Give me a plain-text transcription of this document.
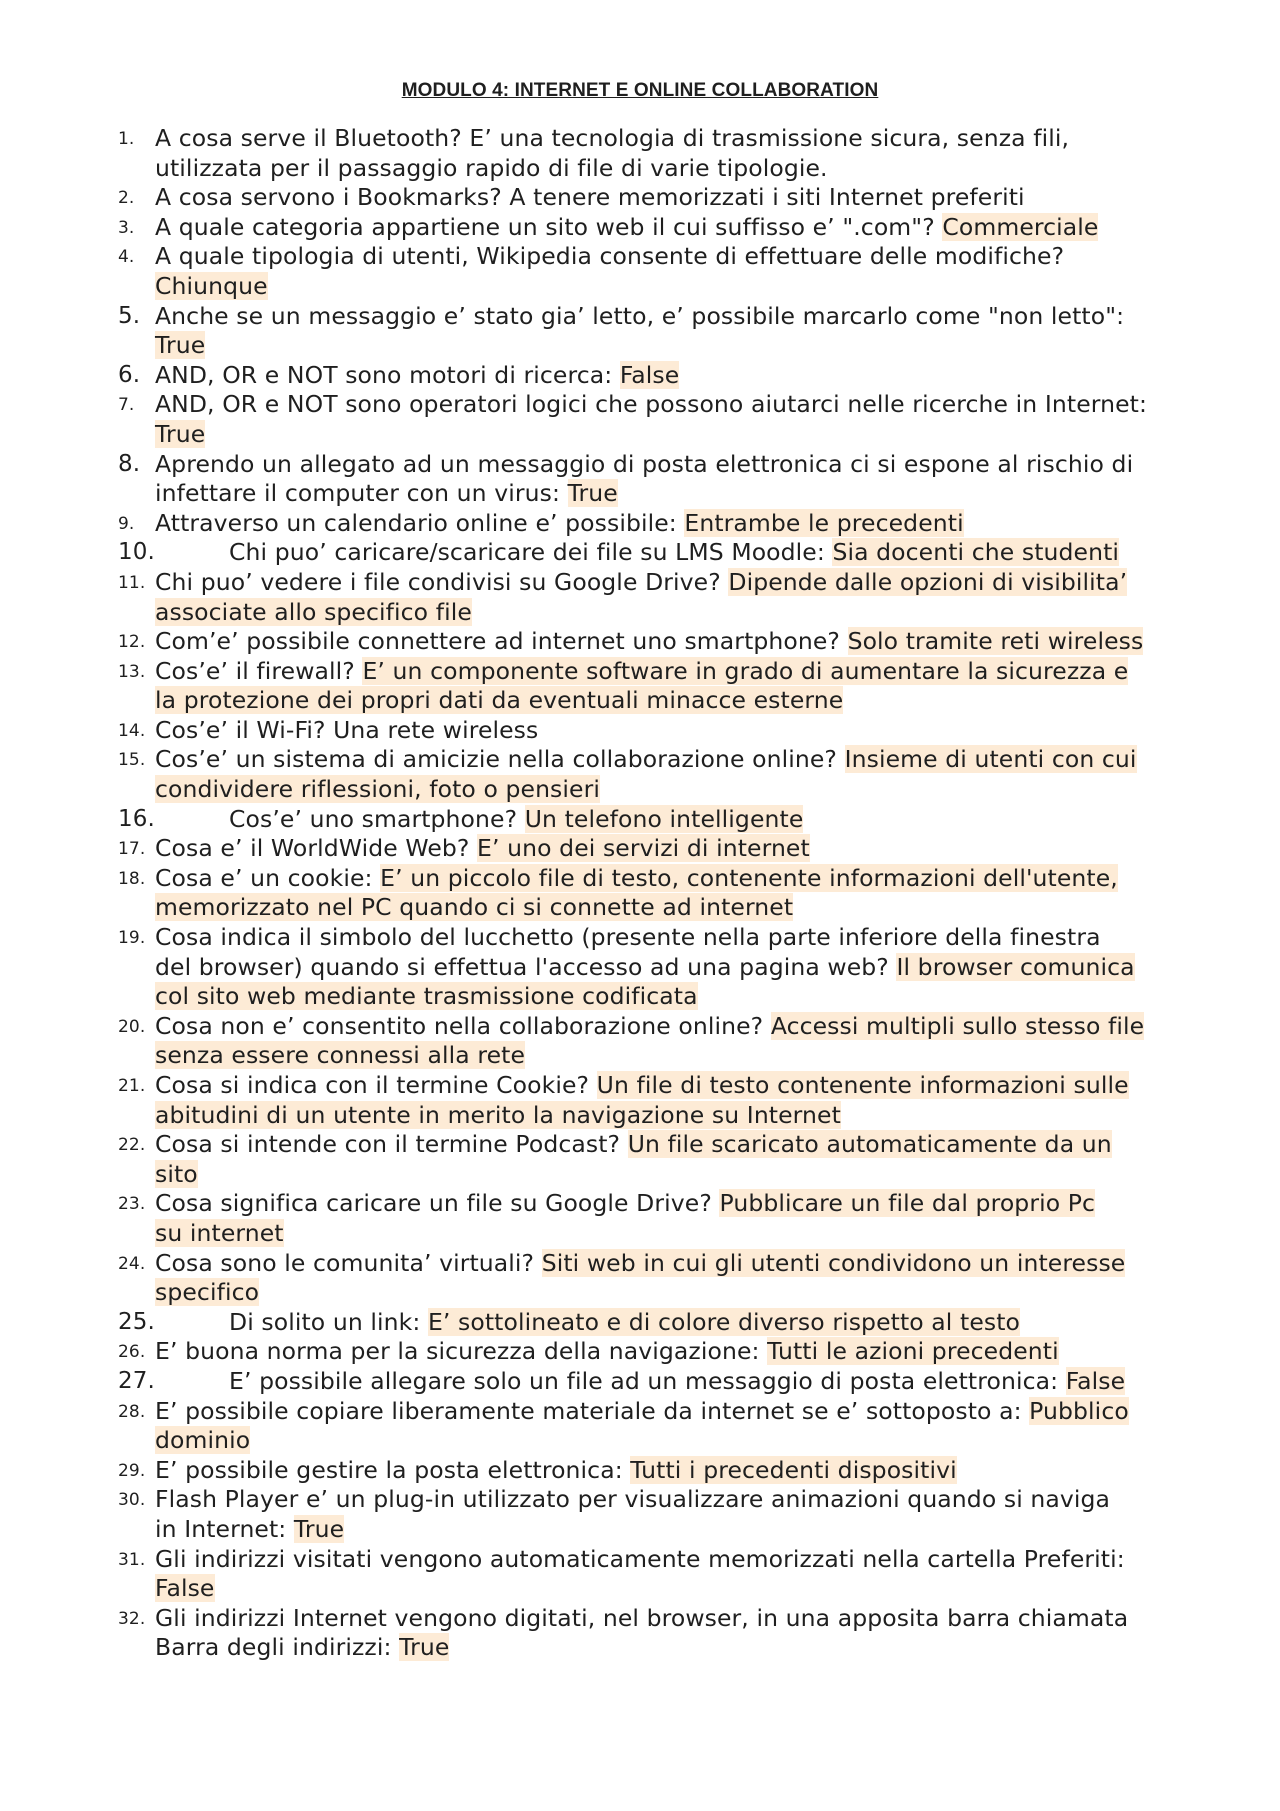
MODULO 4: INTERNET E ONLINE COLLABORATION
1. A cosa serve il Bluetooth? E’ una tecnologia di trasmissione sicura, senza fili,
utilizzata per il passaggio rapido di file di varie tipologie.
2. A cosa servono i Bookmarks? A tenere memorizzati i siti Internet preferiti
3. A quale categoria appartiene un sito web il cui suffisso e’ ".com"? Commerciale
4. A quale tipologia di utenti, Wikipedia consente di effettuare delle modifiche?
Chiunque
5. Anche se un messaggio e’ stato gia’ letto, e’ possibile marcarlo come "non letto":
True
6. AND, OR e NOT sono motori di ricerca: False
7. AND, OR e NOT sono operatori logici che possono aiutarci nelle ricerche in Internet:
True
8. Aprendo un allegato ad un messaggio di posta elettronica ci si espone al rischio di
infettare il computer con un virus: True
9. Attraverso un calendario online e’ possibile: Entrambe le precedenti
10.	Chi puo’ caricare/scaricare dei file su LMS Moodle: Sia docenti che studenti
11. Chi puo’ vedere i file condivisi su Google Drive? Dipende dalle opzioni di visibilita’
associate allo specifico file
12. Com’e’ possibile connettere ad internet uno smartphone? Solo tramite reti wireless
13. Cos’e’ il firewall? E’ un componente software in grado di aumentare la sicurezza e
la protezione dei propri dati da eventuali minacce esterne
14. Cos’e’ il Wi-Fi? Una rete wireless
15. Cos’e’ un sistema di amicizie nella collaborazione online? Insieme di utenti con cui
condividere riflessioni, foto o pensieri
16.	Cos’e’ uno smartphone? Un telefono intelligente
17. Cosa e’ il WorldWide Web? E’ uno dei servizi di internet
18. Cosa e’ un cookie: E’ un piccolo file di testo, contenente informazioni dell'utente,
memorizzato nel PC quando ci si connette ad internet
19. Cosa indica il simbolo del lucchetto (presente nella parte inferiore della finestra
del browser) quando si effettua l'accesso ad una pagina web? Il browser comunica
col sito web mediante trasmissione codificata
20. Cosa non e’ consentito nella collaborazione online? Accessi multipli sullo stesso file
senza essere connessi alla rete
21. Cosa si indica con il termine Cookie? Un file di testo contenente informazioni sulle
abitudini di un utente in merito la navigazione su Internet
22. Cosa si intende con il termine Podcast? Un file scaricato automaticamente da un
sito
23. Cosa significa caricare un file su Google Drive? Pubblicare un file dal proprio Pc
su internet
24. Cosa sono le comunita’ virtuali? Siti web in cui gli utenti condividono un interesse
specifico
25.	Di solito un link: E’ sottolineato e di colore diverso rispetto al testo
26. E’ buona norma per la sicurezza della navigazione: Tutti le azioni precedenti
27.	E’ possibile allegare solo un file ad un messaggio di posta elettronica: False
28. E’ possibile copiare liberamente materiale da internet se e’ sottoposto a: Pubblico
dominio
29. E’ possibile gestire la posta elettronica: Tutti i precedenti dispositivi
30. Flash Player e’ un plug-in utilizzato per visualizzare animazioni quando si naviga
in Internet: True
31. Gli indirizzi visitati vengono automaticamente memorizzati nella cartella Preferiti:
False
32. Gli indirizzi Internet vengono digitati, nel browser, in una apposita barra chiamata
Barra degli indirizzi: True
